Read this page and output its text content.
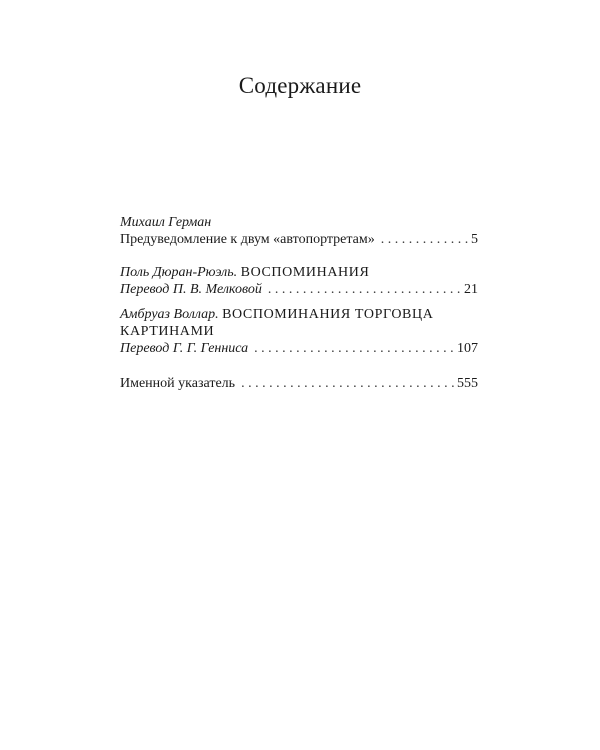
Содержание
Михаил Герман
Предуведомление к двум «автопортретам» . . .	5
Поль Дюран-Рюэль. ВОСПОМИНАНИЯ
Перевод П. В. Мелковой . . .	21
Амбруаз Воллар. ВОСПОМИНАНИЯ ТОРГОВЦА
КАРТИНАМИ
Перевод Г. Г. Генниса . . .	107
Именной указатель . . .	555
